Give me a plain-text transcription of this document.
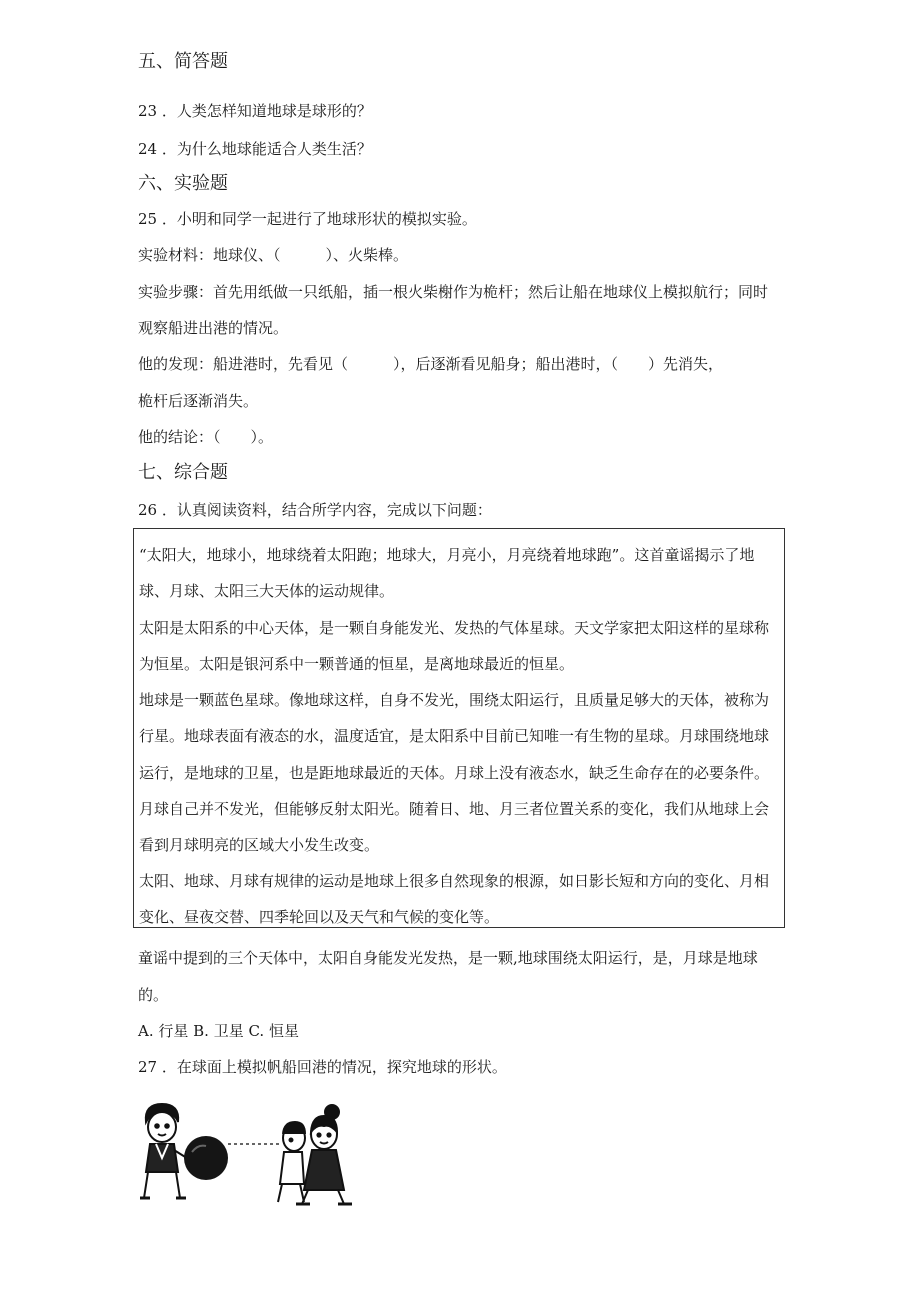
五、简答题
23 ．人类怎样知道地球是球形的？
24 ．为什么地球能适合人类生活？
六、实验题
25 ．小明和同学一起进行了地球形状的模拟实验。
实验材料：地球仪、（　　　）、火柴棒。
实验步骤：首先用纸做一只纸船，插一根火柴榭作为桅杆；然后让船在地球仪上模拟航行；同时
观察船进出港的情况。
他的发现：船进港时，先看见（　　　），后逐渐看见船身；船出港时，（　　）先消失，
桅杆后逐渐消失。
他的结论：（　　）。
七、综合题
26 ．认真阅读资料，结合所学内容，完成以下问题：
“太阳大，地球小，地球绕着太阳跑；地球大，月亮小，月亮绕着地球跑”。这首童谣揭示了地
球、月球、太阳三大天体的运动规律。
太阳是太阳系的中心天体，是一颗自身能发光、发热的气体星球。天文学家把太阳这样的星球称
为恒星。太阳是银河系中一颗普通的恒星，是离地球最近的恒星。
地球是一颗蓝色星球。像地球这样，自身不发光，围绕太阳运行，且质量足够大的天体，被称为
行星。地球表面有液态的水，温度适宜，是太阳系中目前已知唯一有生物的星球。月球围绕地球
运行，是地球的卫星，也是距地球最近的天体。月球上没有液态水，缺乏生命存在的必要条件。
月球自己并不发光，但能够反射太阳光。随着日、地、月三者位置关系的变化，我们从地球上会
看到月球明亮的区域大小发生改变。
太阳、地球、月球有规律的运动是地球上很多自然现象的根源，如日影长短和方向的变化、月相
变化、昼夜交替、四季轮回以及天气和气候的变化等。
童谣中提到的三个天体中，太阳自身能发光发热，是一颗,地球围绕太阳运行，是，月球是地球
的。
A. 行星 B. 卫星 C. 恒星
27 ．在球面上模拟帆船回港的情况，探究地球的形状。
